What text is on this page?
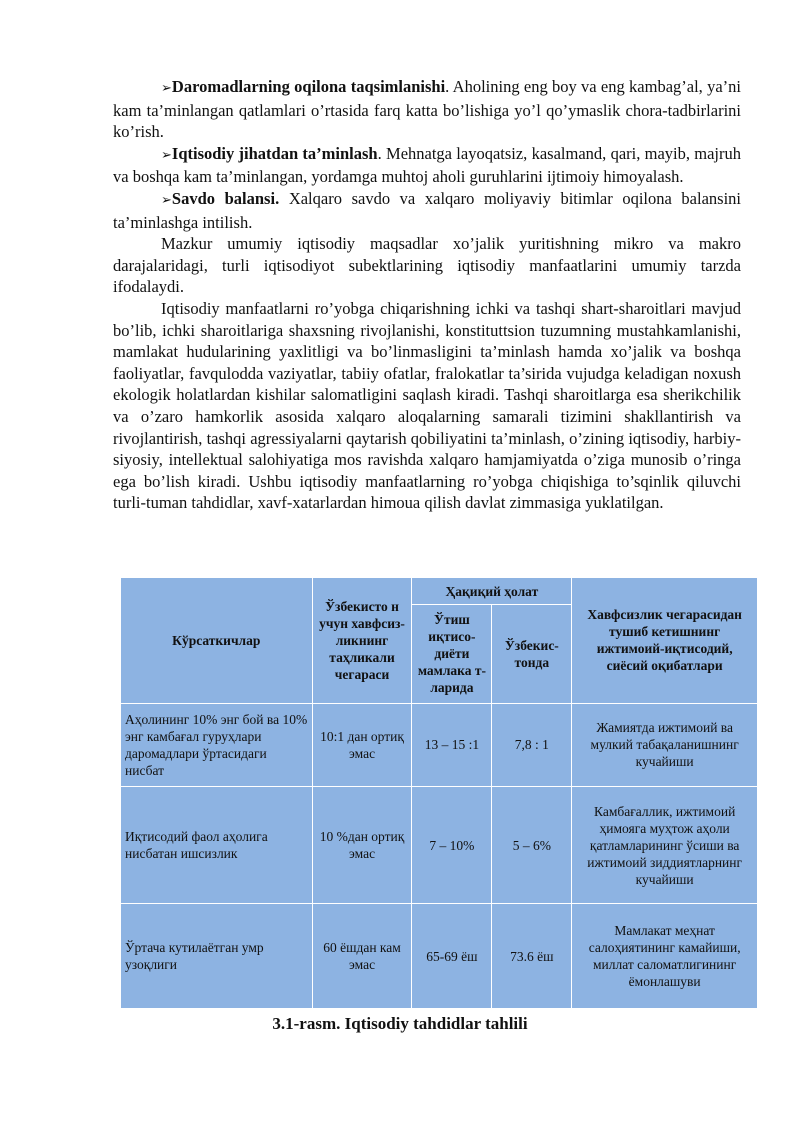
➢Daromadlarning oqilona taqsimlanishi. Aholining eng boy va eng kambag’al, ya’ni kam ta’minlangan qatlamlari o’rtasida farq katta bo’lishiga yo’l qo’ymaslik chora-tadbirlarini ko’rish.

➢Iqtisodiy jihatdan ta’minlash. Mehnatga layoqatsiz, kasalmand, qari, mayib, majruh va boshqa kam ta’minlangan, yordamga muhtoj aholi guruhlarini ijtimoiy himoyalash.

➢Savdo balansi. Xalqaro savdo va xalqaro moliyaviy bitimlar oqilona balansini ta’minlashga intilish.

Mazkur umumiy iqtisodiy maqsadlar xo’jalik yuritishning mikro va makro darajalaridagi, turli iqtisodiyot subektlarining iqtisodiy manfaatlarini umumiy tarzda ifodalaydi.

Iqtisodiy manfaatlarni ro’yobga chiqarishning ichki va tashqi shart-sharoitlari mavjud bo’lib, ichki sharoitlariga shaxsning rivojlanishi, konstituttsion tuzumning mustahkamlanishi, mamlakat hudularining yaxlitligi va bo’linmasligini ta’minlash hamda xo’jalik va boshqa faoliyatlar, favqulodda vaziyatlar, tabiiy ofatlar, fralokatlar ta’sirida vujudga keladigan noxush ekologik holatlardan kishilar salomatligini saqlash kiradi. Tashqi sharoitlarga esa sherikchilik va o’zaro hamkorlik asosida xalqaro aloqalarning samarali tizimini shakllantirish va rivojlantirish, tashqi agressiyalarni qaytarish qobiliyatini ta’minlash, o’zining iqtisodiy, harbiy-siyosiy, intellektual salohiyatiga mos ravishda xalqaro hamjamiyatda o’ziga munosib o’ringa ega bo’lish kiradi. Ushbu iqtisodiy manfaatlarning ro’yobga chiqishiga to’sqinlik qiluvchi turli-tuman tahdidlar, xavf-xatarlardan himoua qilish davlat zimmasiga yuklatilgan.

Кўрсаткичлар	Ўзбекисто н учун хавфсиз-ликнинг таҳликали чегараси	Ҳақиқий ҳолат		Хавфсизлик чегарасидан тушиб кетишнинг ижтимоий-иқтисодий, сиёсий оқибатлари
		Ўтиш иқтисо-диёти мамлака т-ларида	Ўзбекис-тонда	
Аҳолининг 10% энг бой ва 10% энг камбағал гуруҳлари даромадлари ўртасидаги нисбат	10:1 дан ортиқ эмас	13 – 15 :1	7,8 : 1	Жамиятда ижтимоий ва мулкий табақаланишнинг кучайиши
Иқтисодий фаол аҳолига нисбатан ишсизлик	10 %дан ортиқ эмас	7 – 10%	5 – 6%	Камбағаллик, ижтимоий ҳимояга муҳтож аҳоли қатламларининг ўсиши ва ижтимоий зиддиятларнинг кучайиши
Ўртача кутилаётган умр узоқлиги	60 ёшдан кам эмас	65-69 ёш	73.6 ёш	Мамлакат меҳнат салоҳиятининг камайиши, миллат саломатлигининг ёмонлашуви
3.1-rasm. Iqtisodiy tahdidlar tahlili
